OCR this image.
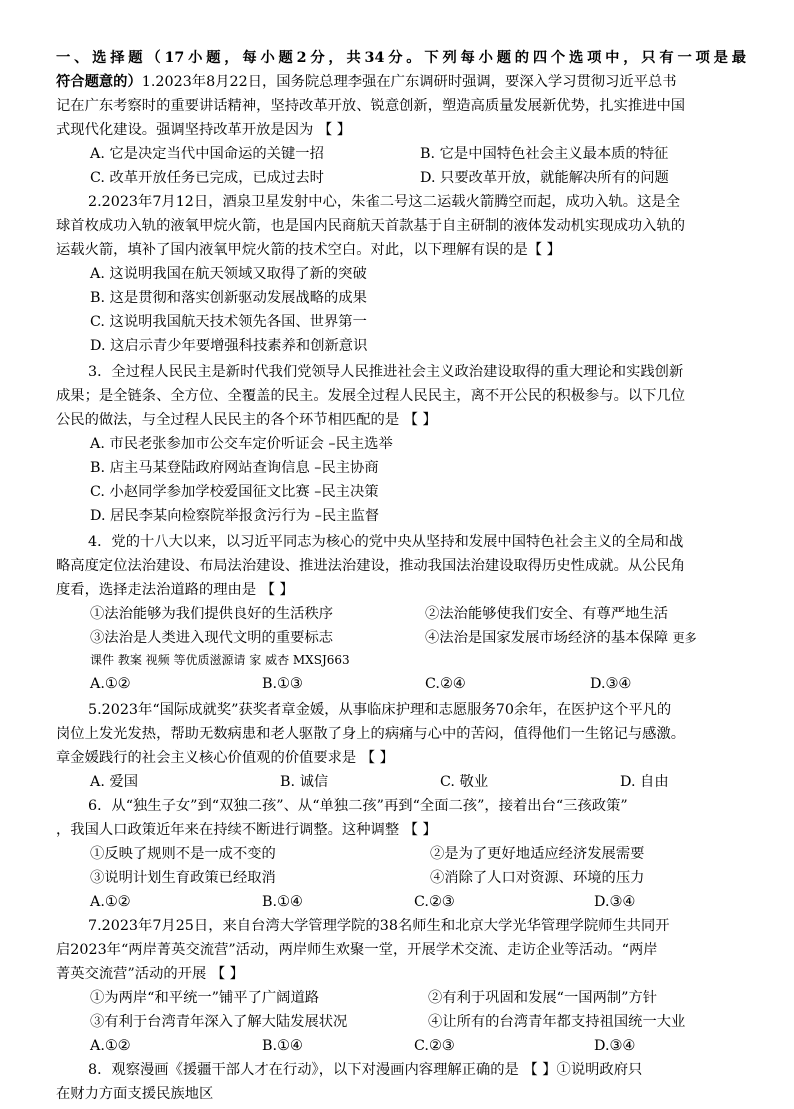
一、选择题（17小题，每小题2分，共34分。下列每小题的四个选项中，只有一项是最
符合题意的）1.2023年8月22日，国务院总理李强在广东调研时强调，要深入学习贯彻习近平总书
记在广东考察时的重要讲话精神，坚持改革开放、锐意创新，塑造高质量发展新优势，扎实推进中国
式现代化建设。强调坚持改革开放是因为 【 】
A. 它是决定当代中国命运的关键一招	B. 它是中国特色社会主义最本质的特征
C. 改革开放任务已完成，已成过去时	D. 只要改革开放，就能解决所有的问题
2.2023年7月12日，酒泉卫星发射中心，朱雀二号这二运载火箭腾空而起，成功入轨。这是全
球首枚成功入轨的液氧甲烷火箭，也是国内民商航天首款基于自主研制的液体发动机实现成功入轨的
运载火箭，填补了国内液氧甲烷火箭的技术空白。对此，以下理解有误的是【 】
A. 这说明我国在航天领域又取得了新的突破
B. 这是贯彻和落实创新驱动发展战略的成果
C. 这说明我国航天技术领先各国、世界第一
D. 这启示青少年要增强科技素养和创新意识
3．全过程人民民主是新时代我们党领导人民推进社会主义政治建设取得的重大理论和实践创新
成果；是全链条、全方位、全覆盖的民主。发展全过程人民民主，离不开公民的积极参与。以下几位
公民的做法，与全过程人民民主的各个环节相匹配的是 【 】
A. 市民老张参加市公交车定价听证会 –民主选举
B. 店主马某登陆政府网站查询信息 –民主协商
C. 小赵同学参加学校爱国征文比赛 –民主决策
D. 居民李某向检察院举报贪污行为 –民主监督
4．党的十八大以来，以习近平同志为核心的党中央从坚持和发展中国特色社会主义的全局和战
略高度定位法治建设、布局法治建设、推进法治建设，推动我国法治建设取得历史性成就。从公民角
度看，选择走法治道路的理由是 【 】
①法治能够为我们提供良好的生活秩序	②法治能够使我们安全、有尊严地生活
③法治是人类进入现代文明的重要标志	④法治是国家发展市场经济的基本保障 更多
课件 教案 视频 等优质滋源请 家 威杏 MXSJ663
A.①②	B.①③	C.②④	D.③④
5.2023年“国际成就奖”获奖者章金媛，从事临床护理和志愿服务70余年，在医护这个平凡的
岗位上发光发热，帮助无数病患和老人驱散了身上的病痛与心中的苦闷，值得他们一生铭记与感激。
章金媛践行的社会主义核心价值观的价值要求是 【 】
A. 爱国	B. 诚信	C. 敬业	D. 自由
6．从“独生子女”到“双独二孩”、从“单独二孩”再到“全面二孩”，接着出台“三孩政策”
，我国人口政策近年来在持续不断进行调整。这种调整 【 】
①反映了规则不是一成不变的	②是为了更好地适应经济发展需要
③说明计划生育政策已经取消	④消除了人口对资源、环境的压力
A.①②	B.①④	C.②③	D.③④
7.2023年7月25日，来自台湾大学管理学院的38名师生和北京大学光华管理学院师生共同开
启2023年“两岸菁英交流营”活动，两岸师生欢聚一堂，开展学术交流、走访企业等活动。“两岸
菁英交流营”活动的开展 【 】
①为两岸“和平统一”铺平了广阔道路	②有利于巩固和发展“一国两制”方针
③有利于台湾青年深入了解大陆发展状况	④让所有的台湾青年都支持祖国统一大业
A.①②	B.①④	C.②③	D.③④
8．观察漫画《援疆干部人才在行动》，以下对漫画内容理解正确的是 【 】①说明政府只
在财力方面支援民族地区
